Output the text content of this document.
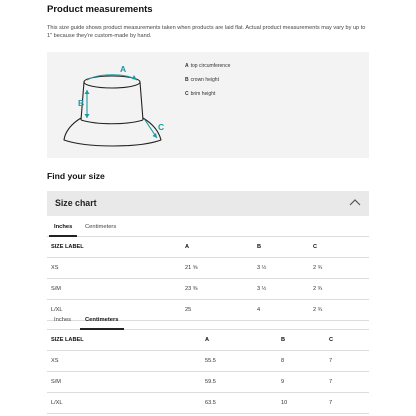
Product measurements
This size guide shows product measurements taken when products are laid flat. Actual product measurements may vary by up to 1" because they're custom-made by hand.
A
B
C
A top circumference
B crown height
C brim height
Find your size
Size chart
Inches	Centimeters
SIZE LABEL	A	B	C
XS	21 ⅝	3 ½	2 ¾
S/M	23 ⅜	3 ½	2 ¾
L/XL	25	4	2 ¾
Inches	Centimeters
SIZE LABEL	A	B	C
XS	55.5	8	7
S/M	59.5	9	7
L/XL	63.5	10	7
